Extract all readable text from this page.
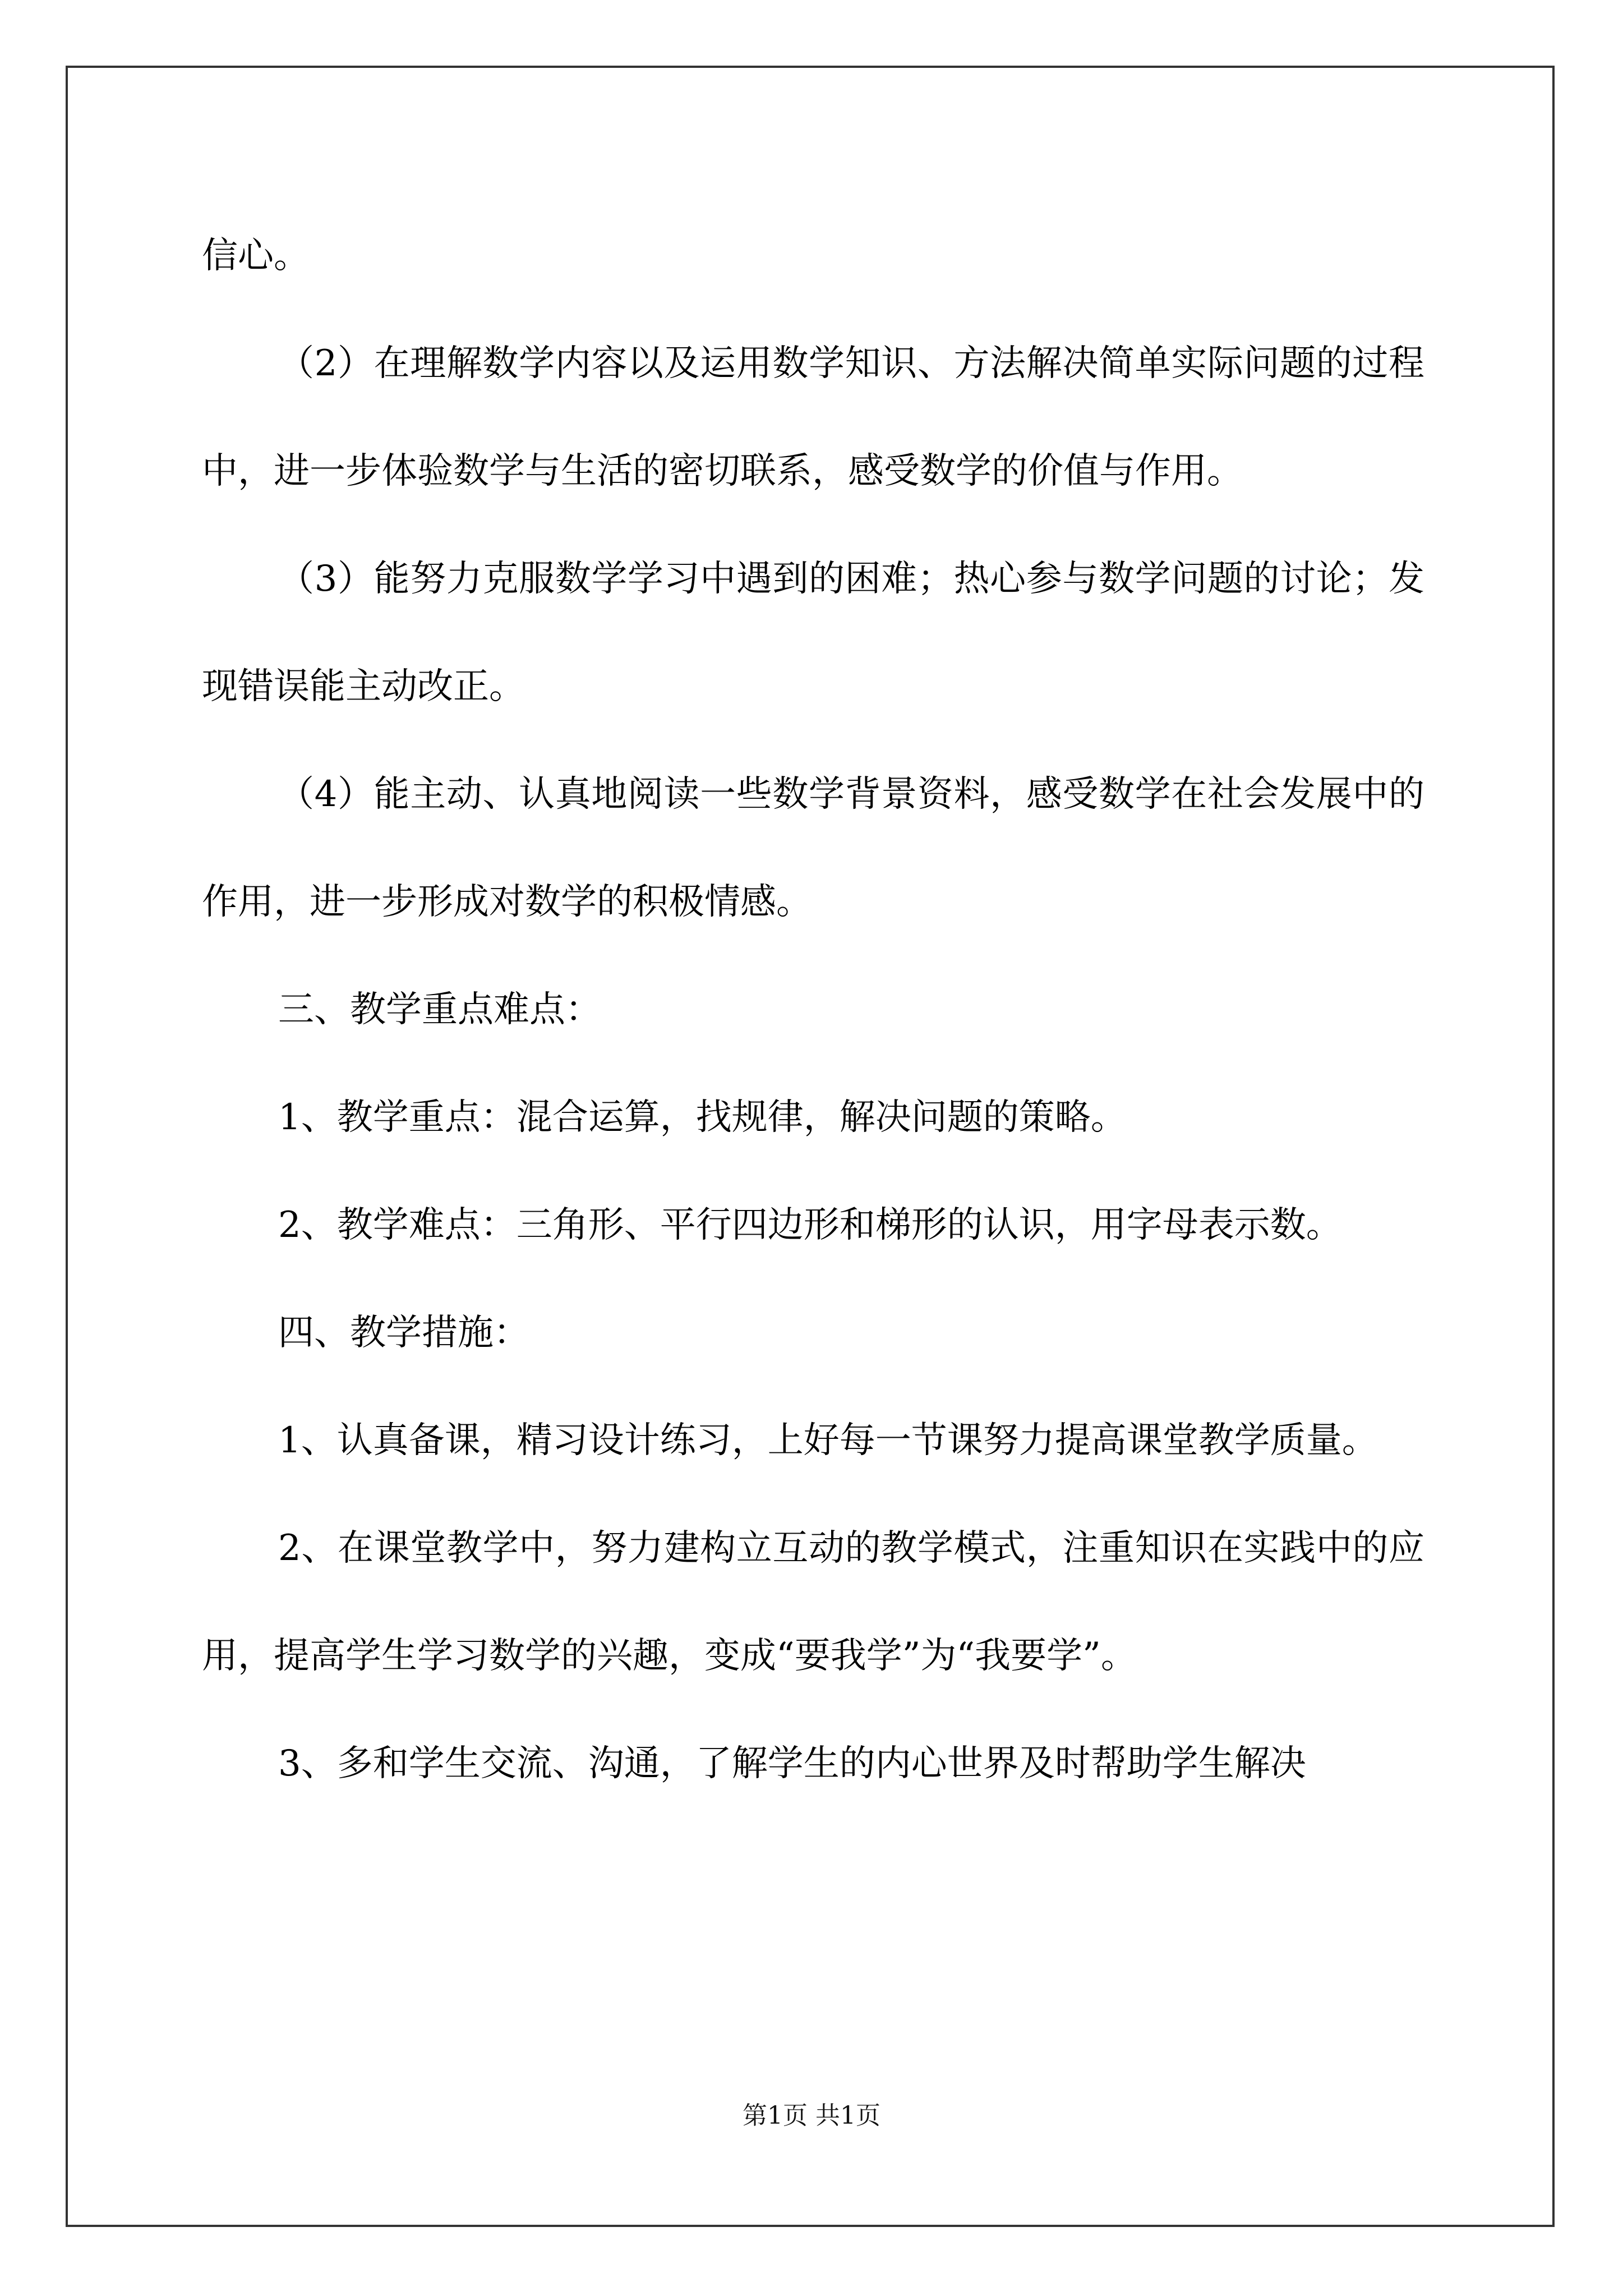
信心。

（2）在理解数学内容以及运用数学知识、方法解决简单实际问题的过程中，进一步体验数学与生活的密切联系，感受数学的价值与作用。

（3）能努力克服数学学习中遇到的困难；热心参与数学问题的讨论；发现错误能主动改正。

（4）能主动、认真地阅读一些数学背景资料，感受数学在社会发展中的作用，进一步形成对数学的积极情感。

三、教学重点难点：

1、教学重点：混合运算，找规律，解决问题的策略。

2、教学难点：三角形、平行四边形和梯形的认识，用字母表示数。

四、教学措施：

1、认真备课，精习设计练习，上好每一节课努力提高课堂教学质量。

2、在课堂教学中，努力建构立互动的教学模式，注重知识在实践中的应用，提高学生学习数学的兴趣，变成“要我学”为“我要学”。

3、多和学生交流、沟通，了解学生的内心世界及时帮助学生解决

第1页 共1页
